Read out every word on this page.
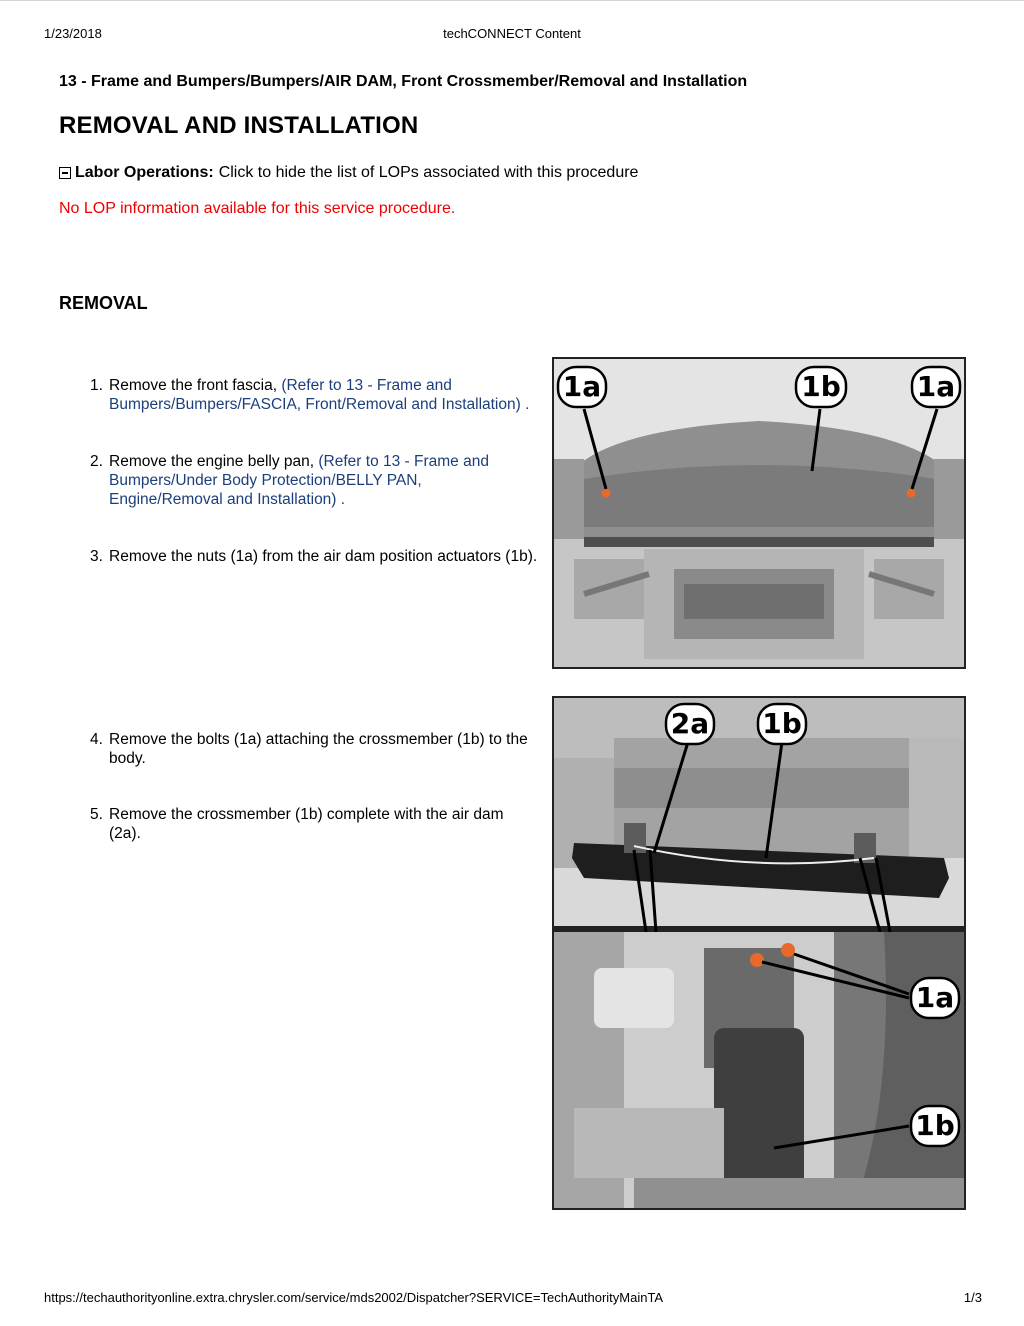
1/23/2018	techCONNECT Content
13 - Frame and Bumpers/Bumpers/AIR DAM, Front Crossmember/Removal and Installation
REMOVAL AND INSTALLATION
Labor Operations: Click to hide the list of LOPs associated with this procedure
No LOP information available for this service procedure.
REMOVAL
1. Remove the front fascia, (Refer to 13 - Frame and Bumpers/Bumpers/FASCIA, Front/Removal and Installation) .
2. Remove the engine belly pan, (Refer to 13 - Frame and Bumpers/Under Body Protection/BELLY PAN, Engine/Removal and Installation) .
3. Remove the nuts (1a) from the air dam position actuators (1b).
4. Remove the bolts (1a) attaching the crossmember (1b) to the body.
5. Remove the crossmember (1b) complete with the air dam (2a).
1a	1b	1a
2a 1b
1a
1b
https://techauthorityonline.extra.chrysler.com/service/mds2002/Dispatcher?SERVICE=TechAuthorityMainTA	1/3
